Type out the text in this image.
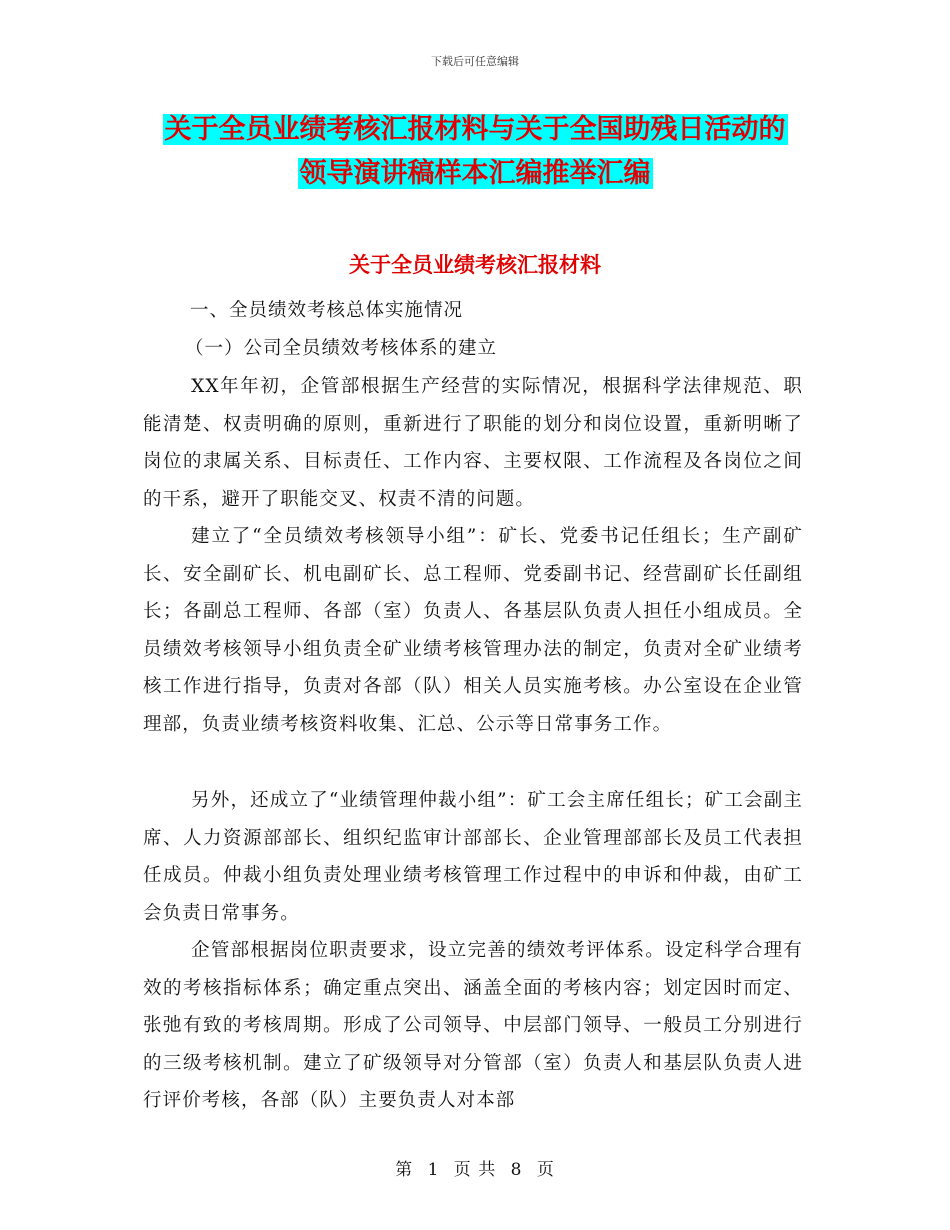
下载后可任意编辑
关于全员业绩考核汇报材料与关于全国助残日活动的
领导演讲稿样本汇编推举汇编
关于全员业绩考核汇报材料
一、全员绩效考核总体实施情况
（一）公司全员绩效考核体系的建立

XX年年初，企管部根据生产经营的实际情况，根据科学法律规范、职能清楚、权责明确的原则，重新进行了职能的划分和岗位设置，重新明晰了岗位的隶属关系、目标责任、工作内容、主要权限、工作流程及各岗位之间的干系，避开了职能交叉、权责不清的问题。

建立了“全员绩效考核领导小组”：矿长、党委书记任组长；生产副矿长、安全副矿长、机电副矿长、总工程师、党委副书记、经营副矿长任副组长；各副总工程师、各部（室）负责人、各基层队负责人担任小组成员。全员绩效考核领导小组负责全矿业绩考核管理办法的制定，负责对全矿业绩考核工作进行指导，负责对各部（队）相关人员实施考核。办公室设在企业管理部，负责业绩考核资料收集、汇总、公示等日常事务工作。

另外，还成立了“业绩管理仲裁小组”：矿工会主席任组长；矿工会副主席、人力资源部部长、组织纪监审计部部长、企业管理部部长及员工代表担任成员。仲裁小组负责处理业绩考核管理工作过程中的申诉和仲裁，由矿工会负责日常事务。

企管部根据岗位职责要求，设立完善的绩效考评体系。设定科学合理有效的考核指标体系；确定重点突出、涵盖全面的考核内容；划定因时而定、张弛有致的考核周期。形成了公司领导、中层部门领导、一般员工分别进行的三级考核机制。建立了矿级领导对分管部（室）负责人和基层队负责人进行评价考核，各部（队）主要负责人对本部

第 1 页 共 8 页
